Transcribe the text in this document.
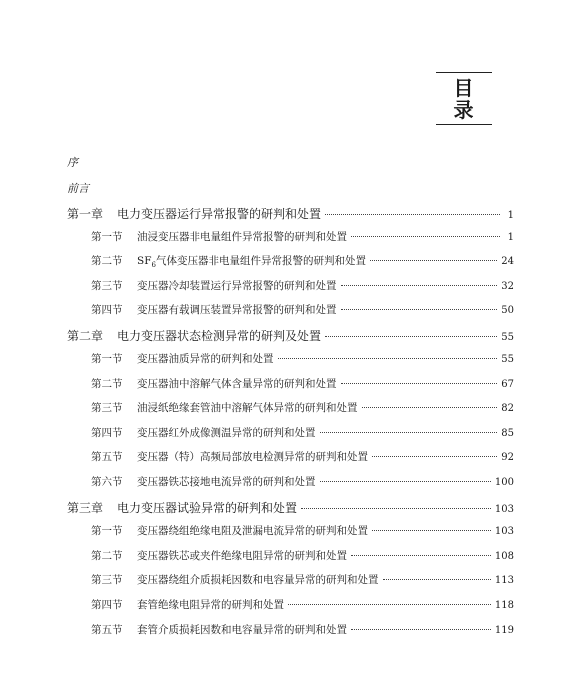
目 录
序
前言
第一章	电力变压器运行异常报警的研判和处置	1
第一节	油浸变压器非电量组件异常报警的研判和处置	1
第二节	$SF_6$气体变压器非电量组件异常报警的研判和处置	24
第三节	变压器冷却装置运行异常报警的研判和处置	32
第四节	变压器有载调压装置异常报警的研判和处置	50
第二章	电力变压器状态检测异常的研判及处置	55
第一节	变压器油质异常的研判和处置	55
第二节	变压器油中溶解气体含量异常的研判和处置	67
第三节	油浸纸绝缘套管油中溶解气体异常的研判和处置	82
第四节	变压器红外成像测温异常的研判和处置	85
第五节	变压器（特）高频局部放电检测异常的研判和处置	92
第六节	变压器铁芯接地电流异常的研判和处置	100
第三章	电力变压器试验异常的研判和处置	103
第一节	变压器绕组绝缘电阻及泄漏电流异常的研判和处置	103
第二节	变压器铁芯或夹件绝缘电阻异常的研判和处置	108
第三节	变压器绕组介质损耗因数和电容量异常的研判和处置	113
第四节	套管绝缘电阻异常的研判和处置	118
第五节	套管介质损耗因数和电容量异常的研判和处置	119
